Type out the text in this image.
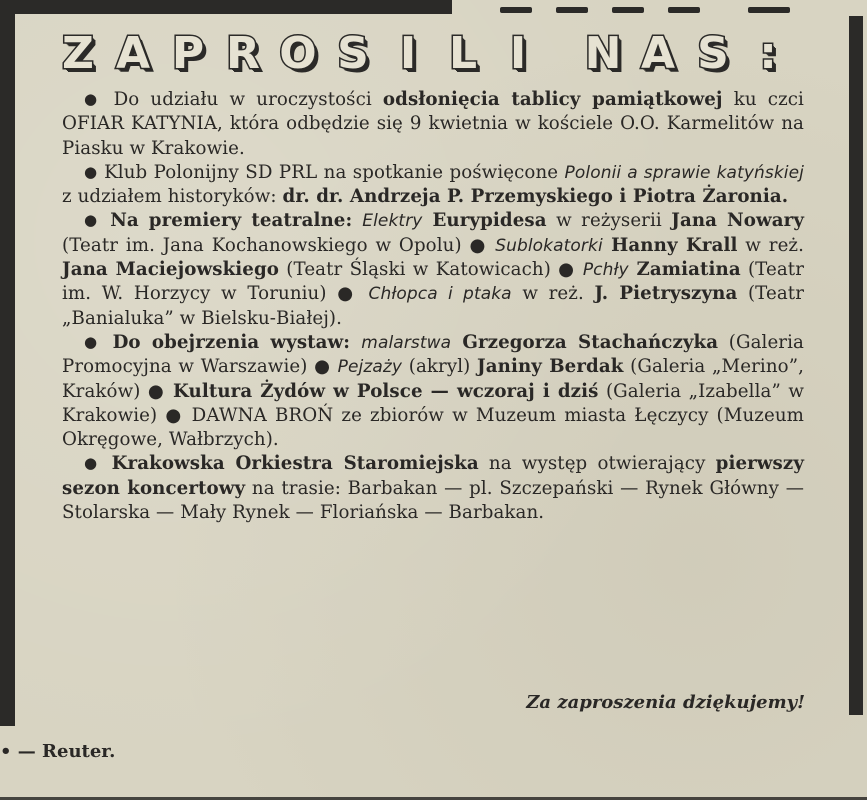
Z A P R O S I L I N A S :

● Do udziału w uroczystości odsłonięcia tablicy pamiątkowej ku czci OFIAR KATYNIA, która odbędzie się 9 kwietnia w kościele O.O. Karmelitów na Piasku w Krakowie.

● Klub Polonijny SD PRL na spotkanie poświęcone Polonii a sprawie katyńskiej z udziałem historyków: dr. dr. Andrzeja P. Przemyskiego i Piotra Żaronia.

● Na premiery teatralne: Elektry Eurypidesa w reżyserii Jana Nowary (Teatr im. Jana Kochanowskiego w Opolu) ● Sublokatorki Hanny Krall w reż. Jana Maciejowskiego (Teatr Śląski w Katowicach) ● Pchły Zamiatina (Teatr im. W. Horzycy w Toruniu) ● Chłopca i ptaka w reż. J. Pietryszyna (Teatr „Banialuka” w Bielsku-Białej).

● Do obejrzenia wystaw: malarstwa Grzegorza Stachańczyka (Galeria Promocyjna w Warszawie) ● Pejzaży (akryl) Janiny Berdak (Galeria „Merino”, Kraków) ● Kultura Żydów w Polsce — wczoraj i dziś (Galeria „Izabella” w Krakowie) ● DAWNA BROŃ ze zbiorów w Muzeum miasta Łęczycy (Muzeum Okręgowe, Wałbrzych).

● Krakowska Orkiestra Staromiejska na występ otwierający pierwszy sezon koncertowy na trasie: Barbakan — pl. Szczepański — Rynek Główny — Stolarska — Mały Rynek — Floriańska — Barbakan.

Za zaproszenia dziękujemy!
• — Reuter.
